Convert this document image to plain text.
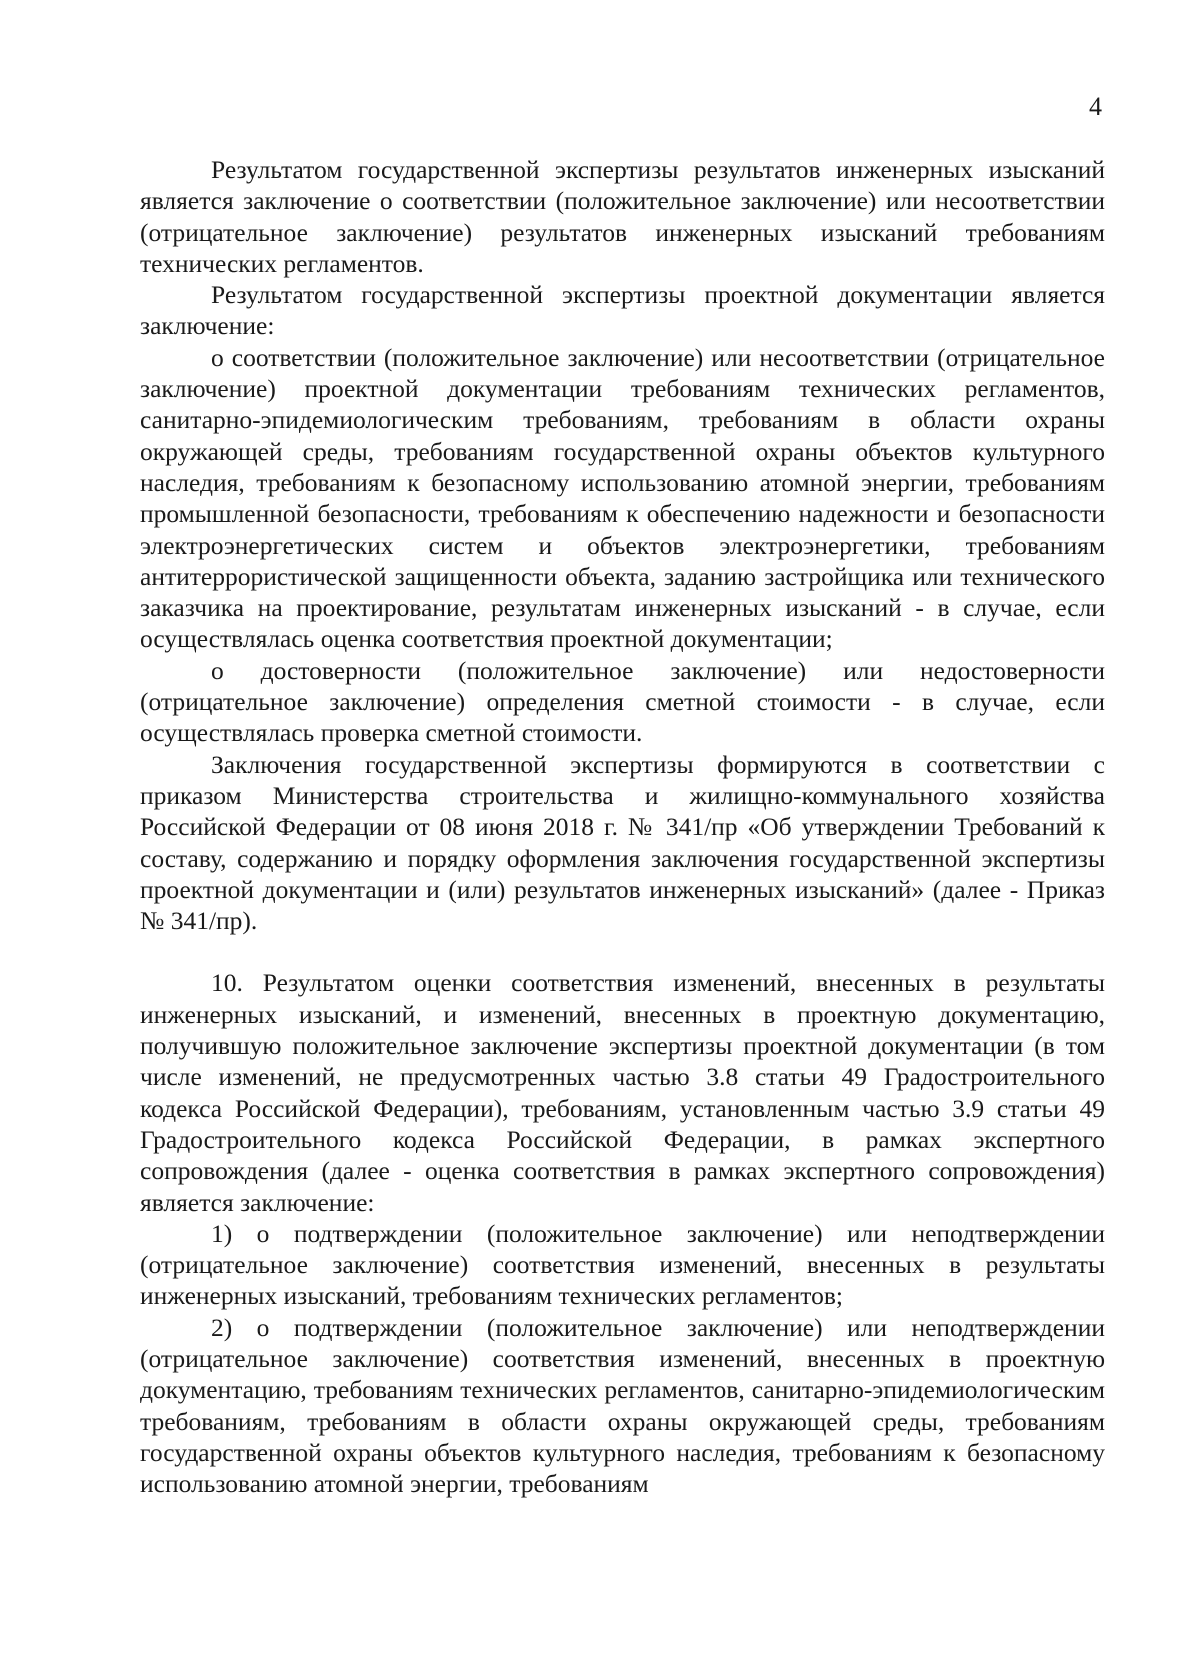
4

Результатом государственной экспертизы результатов инженерных изысканий является заключение о соответствии (положительное заключение) или несоответствии (отрицательное заключение) результатов инженерных изысканий требованиям технических регламентов.

Результатом государственной экспертизы проектной документации является заключение:

о соответствии (положительное заключение) или несоответствии (отрицательное заключение) проектной документации требованиям технических регламентов, санитарно-эпидемиологическим требованиям, требованиям в области охраны окружающей среды, требованиям государственной охраны объектов культурного наследия, требованиям к безопасному использованию атомной энергии, требованиям промышленной безопасности, требованиям к обеспечению надежности и безопасности электроэнергетических систем и объектов электроэнергетики, требованиям антитеррористической защищенности объекта, заданию застройщика или технического заказчика на проектирование, результатам инженерных изысканий - в случае, если осуществлялась оценка соответствия проектной документации;

о достоверности (положительное заключение) или недостоверности (отрицательное заключение) определения сметной стоимости - в случае, если осуществлялась проверка сметной стоимости.

Заключения государственной экспертизы формируются в соответствии с приказом Министерства строительства и жилищно-коммунального хозяйства Российской Федерации от 08 июня 2018 г. № 341/пр «Об утверждении Требований к составу, содержанию и порядку оформления заключения государственной экспертизы проектной документации и (или) результатов инженерных изысканий» (далее - Приказ № 341/пр).

10. Результатом оценки соответствия изменений, внесенных в результаты инженерных изысканий, и изменений, внесенных в проектную документацию, получившую положительное заключение экспертизы проектной документации (в том числе изменений, не предусмотренных частью 3.8 статьи 49 Градостроительного кодекса Российской Федерации), требованиям, установленным частью 3.9 статьи 49 Градостроительного кодекса Российской Федерации, в рамках экспертного сопровождения (далее - оценка соответствия в рамках экспертного сопровождения) является заключение:

1) о подтверждении (положительное заключение) или неподтверждении (отрицательное заключение) соответствия изменений, внесенных в результаты инженерных изысканий, требованиям технических регламентов;

2) о подтверждении (положительное заключение) или неподтверждении (отрицательное заключение) соответствия изменений, внесенных в проектную документацию, требованиям технических регламентов, санитарно-эпидемиологическим требованиям, требованиям в области охраны окружающей среды, требованиям государственной охраны объектов культурного наследия, требованиям к безопасному использованию атомной энергии, требованиям
